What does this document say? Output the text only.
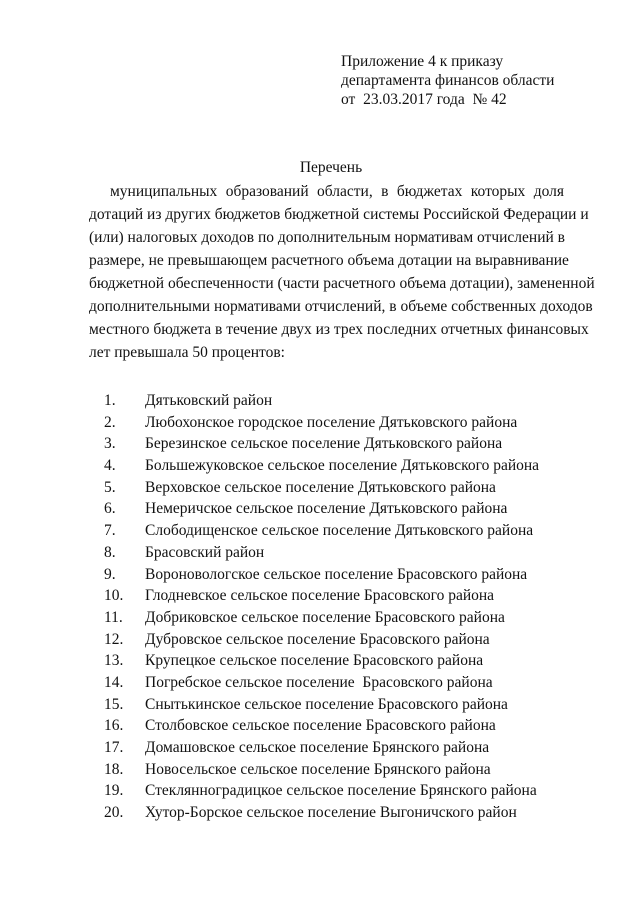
Приложение 4 к приказу
департамента финансов области
от  23.03.2017 года  № 42
Перечень
муниципальных образований области, в бюджетах которых доля
дотаций из других бюджетов бюджетной системы Российской Федерации и
(или) налоговых доходов по дополнительным нормативам отчислений в
размере, не превышающем расчетного объема дотации на выравнивание
бюджетной обеспеченности (части расчетного объема дотации), замененной
дополнительными нормативами отчислений, в объеме собственных доходов
местного бюджета в течение двух из трех последних отчетных финансовых
лет превышала 50 процентов:
1. Дятьковский район
2. Любохонское городское поселение Дятьковского района
3. Березинское сельское поселение Дятьковского района
4. Большежуковское сельское поселение Дятьковского района
5. Верховское сельское поселение Дятьковского района
6. Немеричское сельское поселение Дятьковского района
7. Слободищенское сельское поселение Дятьковского района
8. Брасовский район
9. Вороновологское сельское поселение Брасовского района
10. Глодневское сельское поселение Брасовского района
11. Добриковское сельское поселение Брасовского района
12. Дубровское сельское поселение Брасовского района
13. Крупецкое сельское поселение Брасовского района
14. Погребское сельское поселение  Брасовского района
15. Снытькинское сельское поселение Брасовского района
16. Столбовское сельское поселение Брасовского района
17. Домашовское сельское поселение Брянского района
18. Новосельское сельское поселение Брянского района
19. Стеклянноградицкое сельское поселение Брянского района
20. Хутор-Борское сельское поселение Выгоничского район
